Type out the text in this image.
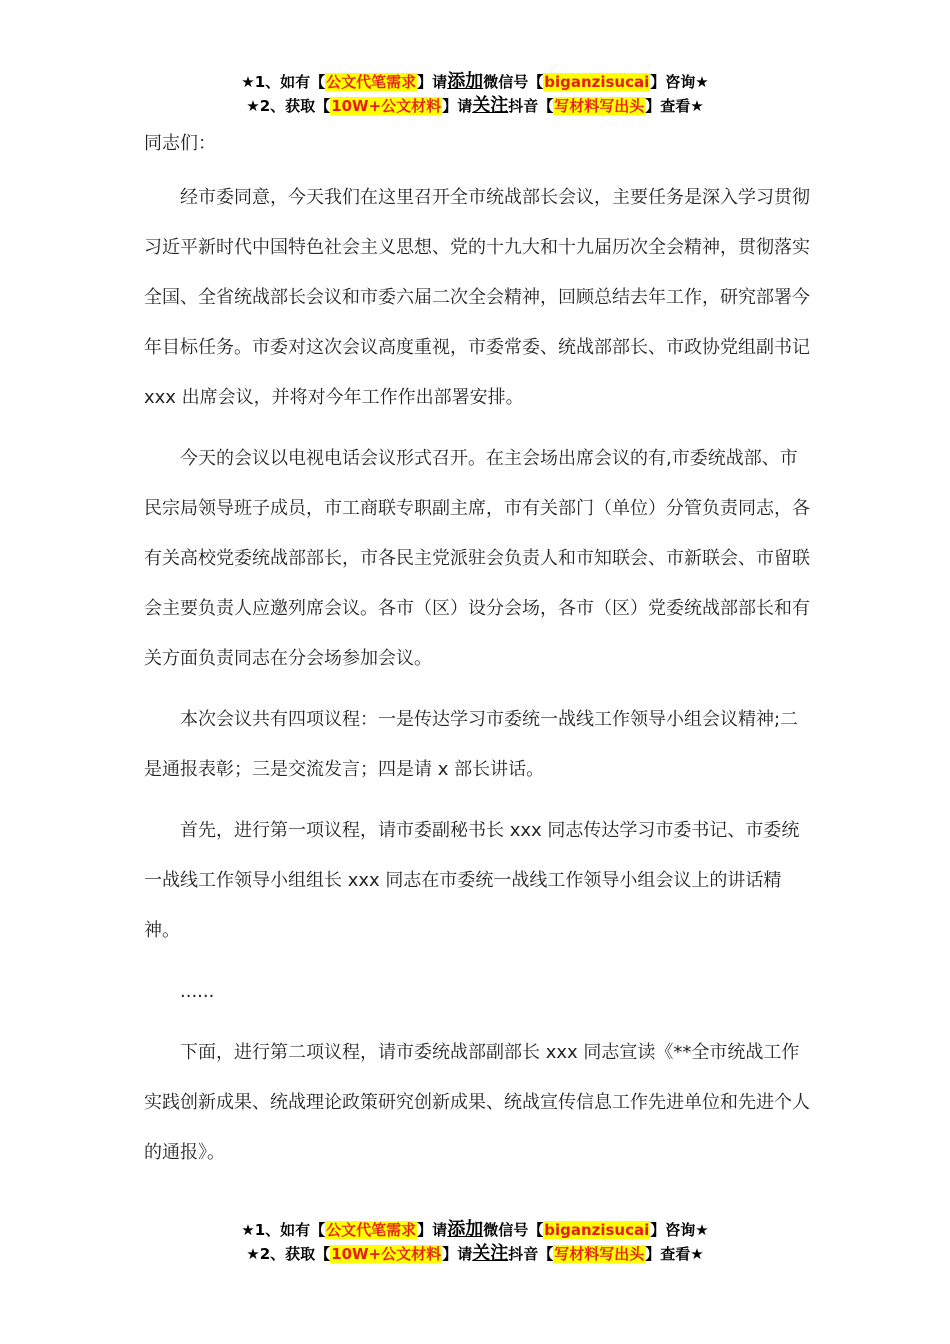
★1、如有【公文代笔需求】请添加微信号【biganzisucai】咨询★
★2、获取【10W+公文材料】请关注抖音【写材料写出头】查看★

同志们：

经市委同意，今天我们在这里召开全市统战部长会议，主要任务是深入学习贯彻习近平新时代中国特色社会主义思想、党的十九大和十九届历次全会精神，贯彻落实全国、全省统战部长会议和市委六届二次全会精神，回顾总结去年工作，研究部署今年目标任务。市委对这次会议高度重视，市委常委、统战部部长、市政协党组副书记 xxx 出席会议，并将对今年工作作出部署安排。

今天的会议以电视电话会议形式召开。在主会场出席会议的有,市委统战部、市民宗局领导班子成员，市工商联专职副主席，市有关部门（单位）分管负责同志，各有关高校党委统战部部长，市各民主党派驻会负责人和市知联会、市新联会、市留联会主要负责人应邀列席会议。各市（区）设分会场，各市（区）党委统战部部长和有关方面负责同志在分会场参加会议。

本次会议共有四项议程：一是传达学习市委统一战线工作领导小组会议精神;二是通报表彰；三是交流发言；四是请 x 部长讲话。

首先，进行第一项议程，请市委副秘书长 xxx 同志传达学习市委书记、市委统一战线工作领导小组组长 xxx 同志在市委统一战线工作领导小组会议上的讲话精神。

......

下面，进行第二项议程，请市委统战部副部长 xxx 同志宣读《**全市统战工作实践创新成果、统战理论政策研究创新成果、统战宣传信息工作先进单位和先进个人的通报》。

★1、如有【公文代笔需求】请添加微信号【biganzisucai】咨询★
★2、获取【10W+公文材料】请关注抖音【写材料写出头】查看★
